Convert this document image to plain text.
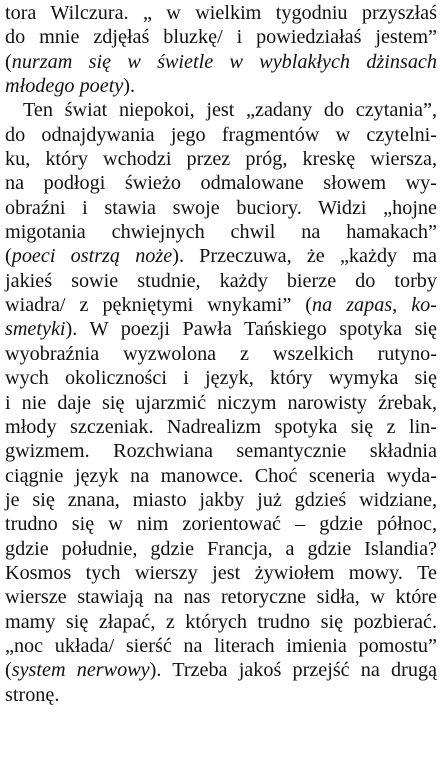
tora Wilczura. „ w wielkim tygodniu przyszłaś
do mnie zdjęłaś bluzkę/ i powiedziałaś jestem”
(nurzam się w świetle w wyblakłych dżinsach
młodego poety).
Ten świat niepokoi, jest „zadany do czytania”,
do odnajdywania jego fragmentów w czytelni-
ku, który wchodzi przez próg, kreskę wiersza,
na podłogi świeżo odmalowane słowem wy-
obraźni i stawia swoje buciory. Widzi „hojne
migotania chwiejnych chwil na hamakach”
(poeci ostrzą noże). Przeczuwa, że „każdy ma
jakieś sowie studnie, każdy bierze do torby
wiadra/ z pękniętymi wnykami” (na zapas, ko-
smetyki). W poezji Pawła Tańskiego spotyka się
wyobraźnia wyzwolona z wszelkich rutyno-
wych okoliczności i język, który wymyka się
i nie daje się ujarzmić niczym narowisty źrebak,
młody szczeniak. Nadrealizm spotyka się z lin-
gwizmem. Rozchwiana semantycznie składnia
ciągnie język na manowce. Choć sceneria wyda-
je się znana, miasto jakby już gdzieś widziane,
trudno się w nim zorientować – gdzie północ,
gdzie południe, gdzie Francja, a gdzie Islandia?
Kosmos tych wierszy jest żywiołem mowy. Te
wiersze stawiają na nas retoryczne sidła, w które
mamy się złapać, z których trudno się pozbierać.
„noc układa/ sierść na literach imienia pomostu”
(system nerwowy). Trzeba jakoś przejść na drugą
stronę.
